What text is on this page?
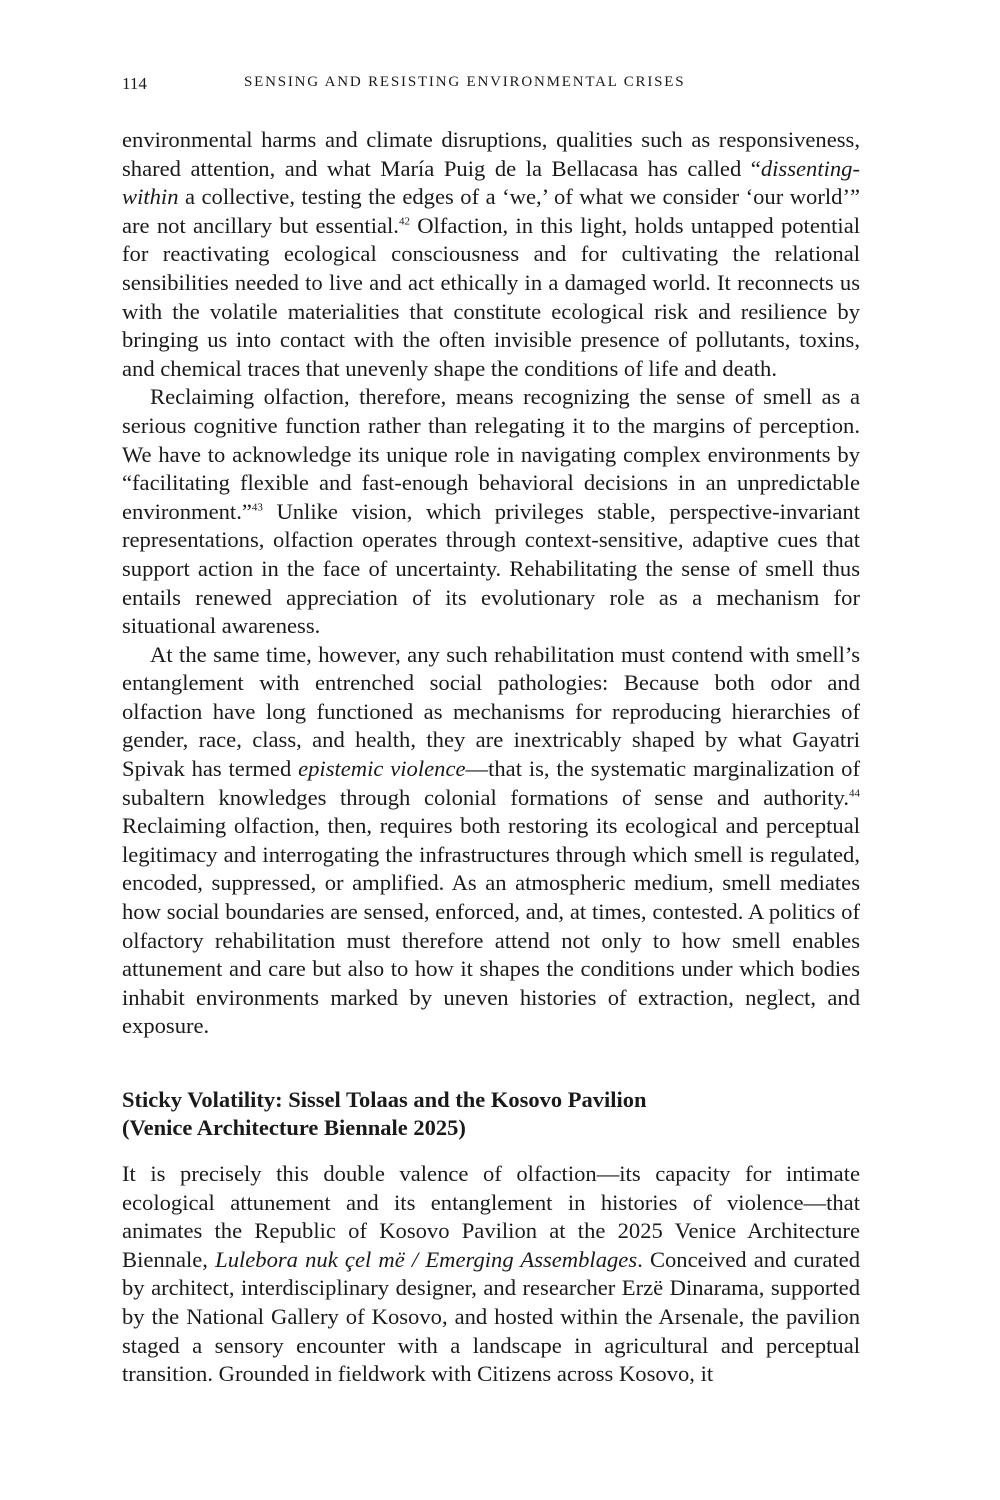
114	SENSING AND RESISTING ENVIRONMENTAL CRISES

environmental harms and climate disruptions, qualities such as responsiveness, shared attention, and what María Puig de la Bellacasa has called “dissenting-within a collective, testing the edges of a ‘we,’ of what we consider ‘our world’” are not ancillary but essential.$^{42}$ Olfaction, in this light, holds untapped potential for reactivating ecological consciousness and for cultivating the relational sensibilities needed to live and act ethically in a damaged world. It reconnects us with the volatile materialities that constitute ecological risk and resilience by bringing us into contact with the often invisible presence of pollutants, toxins, and chemical traces that unevenly shape the conditions of life and death.

Reclaiming olfaction, therefore, means recognizing the sense of smell as a serious cognitive function rather than relegating it to the margins of perception. We have to acknowledge its unique role in navigating complex environments by “facilitating flexible and fast-enough behavioral decisions in an unpredictable environment.”$^{43}$ Unlike vision, which privileges stable, perspective-invariant representations, olfaction operates through context-sensitive, adaptive cues that support action in the face of uncertainty. Rehabilitating the sense of smell thus entails renewed appreciation of its evolutionary role as a mechanism for situational awareness.

At the same time, however, any such rehabilitation must contend with smell’s entanglement with entrenched social pathologies: Because both odor and olfaction have long functioned as mechanisms for reproducing hierarchies of gender, race, class, and health, they are inextricably shaped by what Gayatri Spivak has termed epistemic violence—that is, the systematic marginalization of subaltern knowledges through colonial formations of sense and authority.$^{44}$ Reclaiming olfaction, then, requires both restoring its ecological and perceptual legitimacy and interrogating the infrastructures through which smell is regulated, encoded, suppressed, or amplified. As an atmospheric medium, smell mediates how social boundaries are sensed, enforced, and, at times, contested. A politics of olfactory rehabilitation must therefore attend not only to how smell enables attunement and care but also to how it shapes the conditions under which bodies inhabit environments marked by uneven histories of extraction, neglect, and exposure.

Sticky Volatility: Sissel Tolaas and the Kosovo Pavilion
(Venice Architecture Biennale 2025)

It is precisely this double valence of olfaction—its capacity for intimate ecological attunement and its entanglement in histories of violence—that animates the Republic of Kosovo Pavilion at the 2025 Venice Architecture Biennale, Lulebora nuk çel më / Emerging Assemblages. Conceived and curated by architect, interdisciplinary designer, and researcher Erzë Dinarama, supported by the National Gallery of Kosovo, and hosted within the Arsenale, the pavilion staged a sensory encounter with a landscape in agricultural and perceptual transition. Grounded in fieldwork with Citizens across Kosovo, it
